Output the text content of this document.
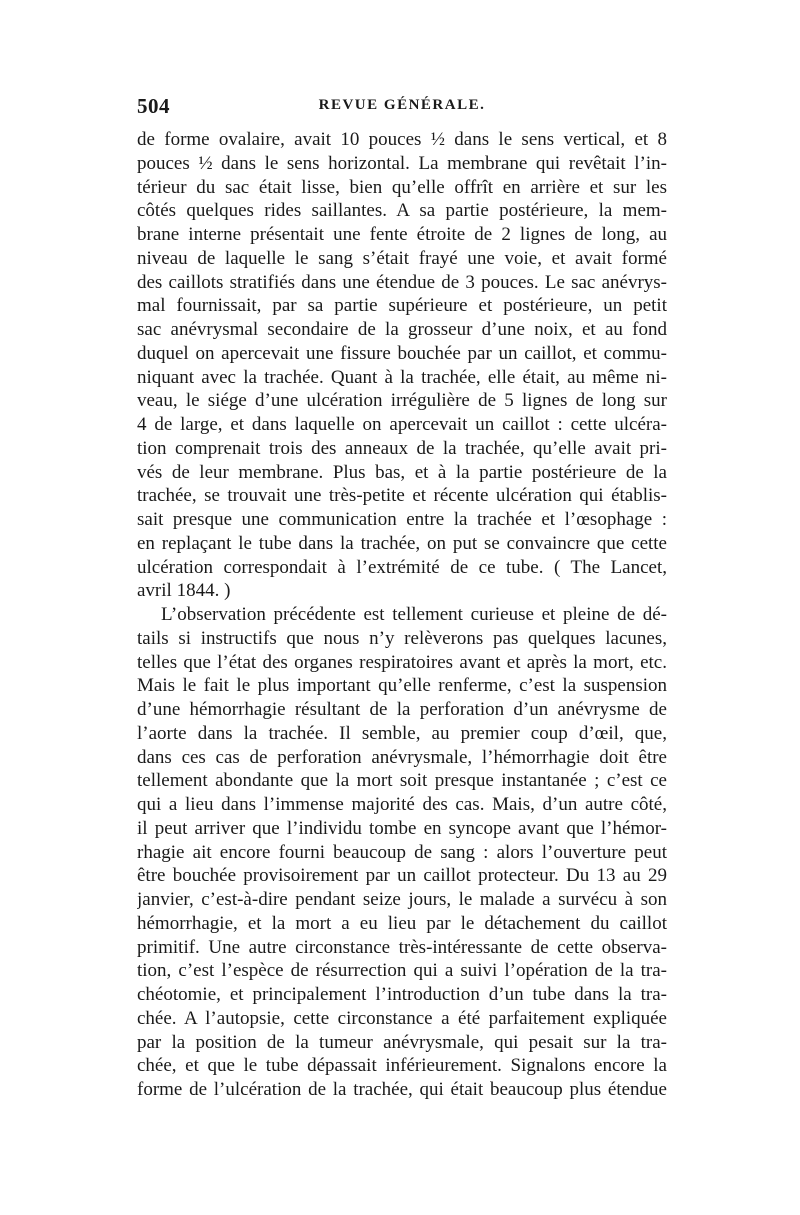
504	REVUE GÉNÉRALE.
de forme ovalaire, avait 10 pouces ½ dans le sens vertical, et 8
pouces ½ dans le sens horizontal. La membrane qui revêtait l’in-
térieur du sac était lisse, bien qu’elle offrît en arrière et sur les
côtés quelques rides saillantes. A sa partie postérieure, la mem-
brane interne présentait une fente étroite de 2 lignes de long, au
niveau de laquelle le sang s’était frayé une voie, et avait formé
des caillots stratifiés dans une étendue de 3 pouces. Le sac anévrys-
mal fournissait, par sa partie supérieure et postérieure, un petit
sac anévrysmal secondaire de la grosseur d’une noix, et au fond
duquel on apercevait une fissure bouchée par un caillot, et commu-
niquant avec la trachée. Quant à la trachée, elle était, au même ni-
veau, le siége d’une ulcération irrégulière de 5 lignes de long sur
4 de large, et dans laquelle on apercevait un caillot : cette ulcéra-
tion comprenait trois des anneaux de la trachée, qu’elle avait pri-
vés de leur membrane. Plus bas, et à la partie postérieure de la
trachée, se trouvait une très-petite et récente ulcération qui établis-
sait presque une communication entre la trachée et l’œsophage :
en replaçant le tube dans la trachée, on put se convaincre que cette
ulcération correspondait à l’extrémité de ce tube. ( The Lancet,
avril 1844. )
L’observation précédente est tellement curieuse et pleine de dé-
tails si instructifs que nous n’y relèverons pas quelques lacunes,
telles que l’état des organes respiratoires avant et après la mort, etc.
Mais le fait le plus important qu’elle renferme, c’est la suspension
d’une hémorrhagie résultant de la perforation d’un anévrysme de
l’aorte dans la trachée. Il semble, au premier coup d’œil, que,
dans ces cas de perforation anévrysmale, l’hémorrhagie doit être
tellement abondante que la mort soit presque instantanée ; c’est ce
qui a lieu dans l’immense majorité des cas. Mais, d’un autre côté,
il peut arriver que l’individu tombe en syncope avant que l’hémor-
rhagie ait encore fourni beaucoup de sang : alors l’ouverture peut
être bouchée provisoirement par un caillot protecteur. Du 13 au 29
janvier, c’est-à-dire pendant seize jours, le malade a survécu à son
hémorrhagie, et la mort a eu lieu par le détachement du caillot
primitif. Une autre circonstance très-intéressante de cette observa-
tion, c’est l’espèce de résurrection qui a suivi l’opération de la tra-
chéotomie, et principalement l’introduction d’un tube dans la tra-
chée. A l’autopsie, cette circonstance a été parfaitement expliquée
par la position de la tumeur anévrysmale, qui pesait sur la tra-
chée, et que le tube dépassait inférieurement. Signalons encore la
forme de l’ulcération de la trachée, qui était beaucoup plus étendue
